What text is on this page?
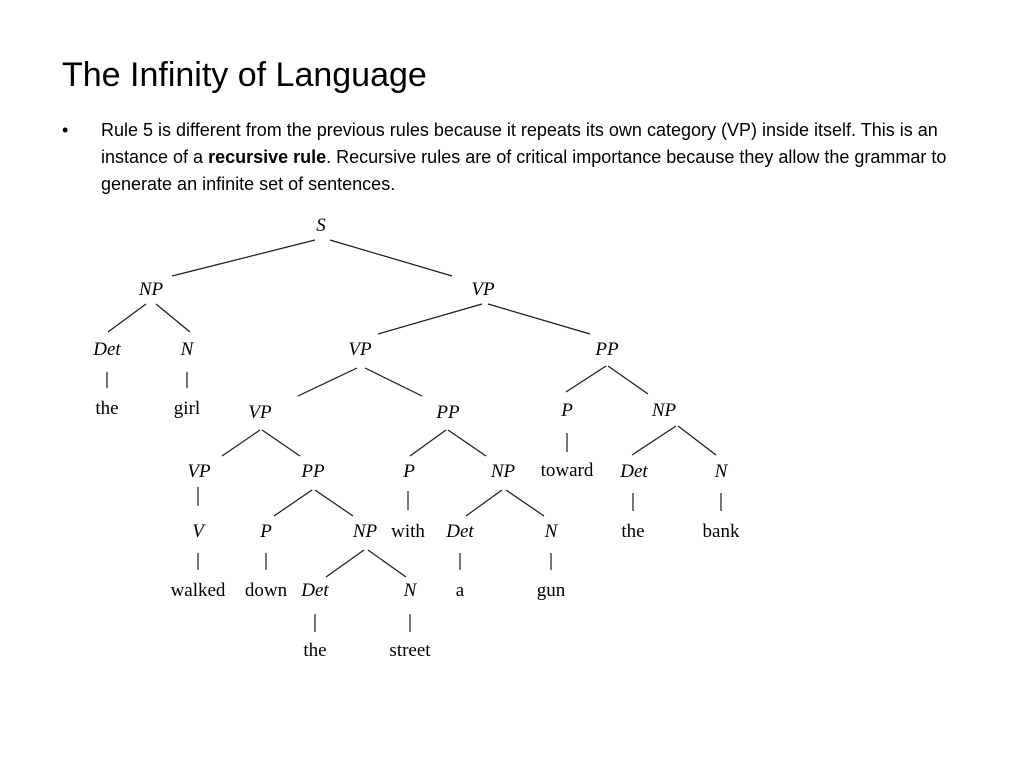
The Infinity of Language
•	Rule 5 is different from the previous rules because it repeats its own category (VP) inside itself. This is an instance of a recursive rule. Recursive rules are of critical importance because they allow the grammar to generate an infinite set of sentences.

S
NP	VP
Det	N	VP	PP
the	girl	VP	PP	P	NP
VP	PP	P	NP toward Det	N
V	P	NP with Det	N	the	bank
walked down Det	N a	gun
the	street
